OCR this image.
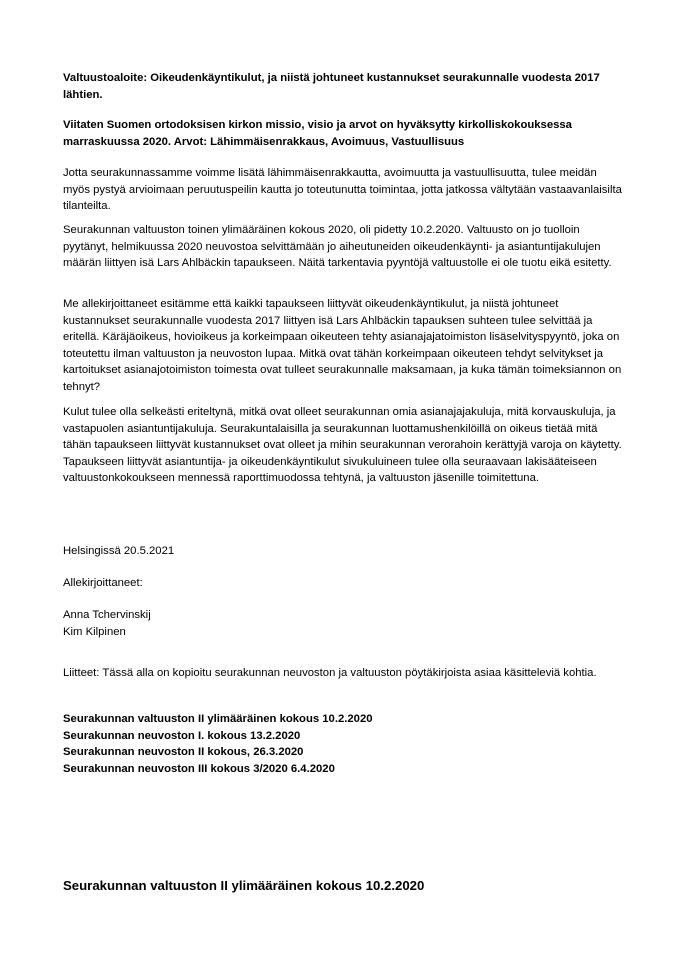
Valtuustoaloite: Oikeudenkäyntikulut, ja niistä johtuneet kustannukset seurakunnalle vuodesta 2017 lähtien.

Viitaten Suomen ortodoksisen kirkon missio, visio ja arvot on hyväksytty kirkolliskokouksessa marraskuussa 2020. Arvot: Lähimmäisenrakkaus, Avoimuus, Vastuullisuus

Jotta seurakunnassamme voimme lisätä lähimmäisenrakkautta, avoimuutta ja vastuullisuutta, tulee meidän myös pystyä arvioimaan peruutuspeilin kautta jo toteutunutta toimintaa, jotta jatkossa vältytään vastaavanlaisilta tilanteilta.

Seurakunnan valtuuston toinen ylimääräinen kokous 2020, oli pidetty 10.2.2020. Valtuusto on jo tuolloin pyytänyt, helmikuussa 2020 neuvostoa selvittämään jo aiheutuneiden oikeudenkäynti- ja asiantuntijakulujen määrän liittyen isä Lars Ahlbäckin tapaukseen. Näitä tarkentavia pyyntöjä valtuustolle ei ole tuotu eikä esitetty.

Me allekirjoittaneet esitämme että kaikki tapaukseen liittyvät oikeudenkäyntikulut, ja niistä johtuneet kustannukset seurakunnalle vuodesta 2017 liittyen isä Lars Ahlbäckin tapauksen suhteen tulee selvittää ja eritellä. Käräjäoikeus, hovioikeus ja korkeimpaan oikeuteen tehty asianajajatoimiston lisäselvityspyyntö, joka on toteutettu ilman valtuuston ja neuvoston lupaa. Mitkä ovat tähän korkeimpaan oikeuteen tehdyt selvitykset ja kartoitukset asianajotoimiston toimesta ovat tulleet seurakunnalle maksamaan, ja kuka tämän toimeksiannon on tehnyt?

Kulut tulee olla selkeästi eriteltynä, mitkä ovat olleet seurakunnan omia asianajajakuluja, mitä korvauskuluja, ja vastapuolen asiantuntijakuluja. Seurakuntalaisilla ja seurakunnan luottamushenkilöillä on oikeus tietää mitä tähän tapaukseen liittyvät kustannukset ovat olleet ja mihin seurakunnan verorahoin kerättyjä varoja on käytetty. Tapaukseen liittyvät asiantuntija- ja oikeudenkäyntikulut sivukuluineen tulee olla seuraavaan lakisääteiseen valtuustonkokoukseen mennessä raporttimuodossa tehtynä, ja valtuuston jäsenille toimitettuna.

Helsingissä 20.5.2021

Allekirjoittaneet:

Anna Tchervinskij

Kim Kilpinen

Liitteet: Tässä alla on kopioitu seurakunnan neuvoston ja valtuuston pöytäkirjoista asiaa käsitteleviä kohtia.

Seurakunnan valtuuston II ylimääräinen kokous 10.2.2020

Seurakunnan neuvoston I. kokous 13.2.2020

Seurakunnan neuvoston II kokous, 26.3.2020

Seurakunnan neuvoston III kokous 3/2020 6.4.2020

Seurakunnan valtuuston II ylimääräinen kokous 10.2.2020
